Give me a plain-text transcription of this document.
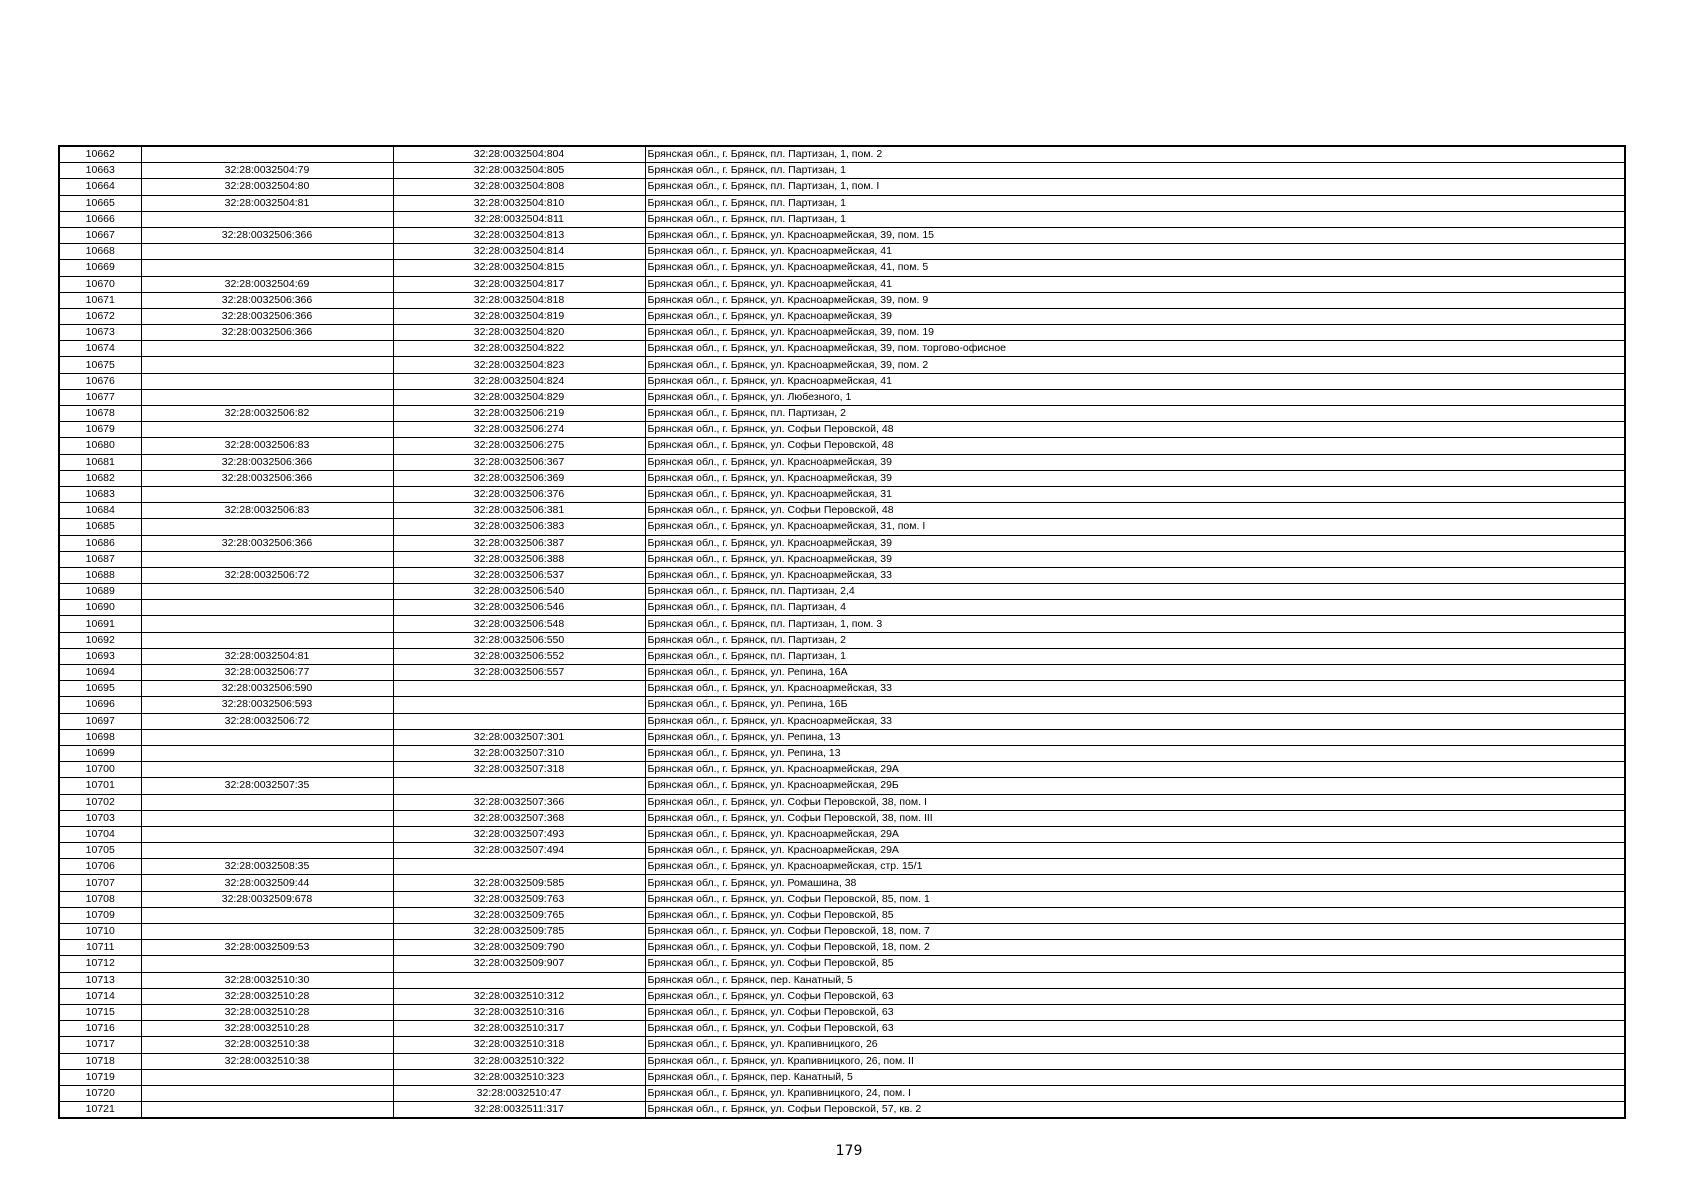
10662		32:28:0032504:804	Брянская обл., г. Брянск, пл. Партизан, 1, пом. 2
10663	32:28:0032504:79	32:28:0032504:805	Брянская обл., г. Брянск, пл. Партизан, 1
10664	32:28:0032504:80	32:28:0032504:808	Брянская обл., г. Брянск, пл. Партизан, 1, пом. I
10665	32:28:0032504:81	32:28:0032504:810	Брянская обл., г. Брянск, пл. Партизан, 1
10666		32:28:0032504:811	Брянская обл., г. Брянск, пл. Партизан, 1
10667	32:28:0032506:366	32:28:0032504:813	Брянская обл., г. Брянск, ул. Красноармейская, 39, пом. 15
10668		32:28:0032504:814	Брянская обл., г. Брянск, ул. Красноармейская, 41
10669		32:28:0032504:815	Брянская обл., г. Брянск, ул. Красноармейская, 41, пом. 5
10670	32:28:0032504:69	32:28:0032504:817	Брянская обл., г. Брянск, ул. Красноармейская, 41
10671	32:28:0032506:366	32:28:0032504:818	Брянская обл., г. Брянск, ул. Красноармейская, 39, пом. 9
10672	32:28:0032506:366	32:28:0032504:819	Брянская обл., г. Брянск, ул. Красноармейская, 39
10673	32:28:0032506:366	32:28:0032504:820	Брянская обл., г. Брянск, ул. Красноармейская, 39, пом. 19
10674		32:28:0032504:822	Брянская обл., г. Брянск, ул. Красноармейская, 39, пом. торгово-офисное
10675		32:28:0032504:823	Брянская обл., г. Брянск, ул. Красноармейская, 39, пом. 2
10676		32:28:0032504:824	Брянская обл., г. Брянск, ул. Красноармейская, 41
10677		32:28:0032504:829	Брянская обл., г. Брянск, ул. Любезного, 1
10678	32:28:0032506:82	32:28:0032506:219	Брянская обл., г. Брянск, пл. Партизан, 2
10679		32:28:0032506:274	Брянская обл., г. Брянск, ул. Софьи Перовской, 48
10680	32:28:0032506:83	32:28:0032506:275	Брянская обл., г. Брянск, ул. Софьи Перовской, 48
10681	32:28:0032506:366	32:28:0032506:367	Брянская обл., г. Брянск, ул. Красноармейская, 39
10682	32:28:0032506:366	32:28:0032506:369	Брянская обл., г. Брянск, ул. Красноармейская, 39
10683		32:28:0032506:376	Брянская обл., г. Брянск, ул. Красноармейская, 31
10684	32:28:0032506:83	32:28:0032506:381	Брянская обл., г. Брянск, ул. Софьи Перовской, 48
10685		32:28:0032506:383	Брянская обл., г. Брянск, ул. Красноармейская, 31, пом. I
10686	32:28:0032506:366	32:28:0032506:387	Брянская обл., г. Брянск, ул. Красноармейская, 39
10687		32:28:0032506:388	Брянская обл., г. Брянск, ул. Красноармейская, 39
10688	32:28:0032506:72	32:28:0032506:537	Брянская обл., г. Брянск, ул. Красноармейская, 33
10689		32:28:0032506:540	Брянская обл., г. Брянск, пл. Партизан, 2,4
10690		32:28:0032506:546	Брянская обл., г. Брянск, пл. Партизан, 4
10691		32:28:0032506:548	Брянская обл., г. Брянск, пл. Партизан, 1, пом. 3
10692		32:28:0032506:550	Брянская обл., г. Брянск, пл. Партизан, 2
10693	32:28:0032504:81	32:28:0032506:552	Брянская обл., г. Брянск, пл. Партизан, 1
10694	32:28:0032506:77	32:28:0032506:557	Брянская обл., г. Брянск, ул. Репина, 16А
10695	32:28:0032506:590		Брянская обл., г. Брянск, ул. Красноармейская, 33
10696	32:28:0032506:593		Брянская обл., г. Брянск, ул. Репина, 16Б
10697	32:28:0032506:72		Брянская обл., г. Брянск, ул. Красноармейская, 33
10698		32:28:0032507:301	Брянская обл., г. Брянск, ул. Репина, 13
10699		32:28:0032507:310	Брянская обл., г. Брянск, ул. Репина, 13
10700		32:28:0032507:318	Брянская обл., г. Брянск, ул. Красноармейская, 29А
10701	32:28:0032507:35		Брянская обл., г. Брянск, ул. Красноармейская, 29Б
10702		32:28:0032507:366	Брянская обл., г. Брянск, ул. Софьи Перовской, 38, пом. I
10703		32:28:0032507:368	Брянская обл., г. Брянск, ул. Софьи Перовской, 38, пом. III
10704		32:28:0032507:493	Брянская обл., г. Брянск, ул. Красноармейская, 29А
10705		32:28:0032507:494	Брянская обл., г. Брянск, ул. Красноармейская, 29А
10706	32:28:0032508:35		Брянская обл., г. Брянск, ул. Красноармейская, стр. 15/1
10707	32:28:0032509:44	32:28:0032509:585	Брянская обл., г. Брянск, ул. Ромашина, 38
10708	32:28:0032509:678	32:28:0032509:763	Брянская обл., г. Брянск, ул. Софьи Перовской, 85, пом. 1
10709		32:28:0032509:765	Брянская обл., г. Брянск, ул. Софьи Перовской, 85
10710		32:28:0032509:785	Брянская обл., г. Брянск, ул. Софьи Перовской, 18, пом. 7
10711	32:28:0032509:53	32:28:0032509:790	Брянская обл., г. Брянск, ул. Софьи Перовской, 18, пом. 2
10712		32:28:0032509:907	Брянская обл., г. Брянск, ул. Софьи Перовской, 85
10713	32:28:0032510:30		Брянская обл., г. Брянск, пер. Канатный, 5
10714	32:28:0032510:28	32:28:0032510:312	Брянская обл., г. Брянск, ул. Софьи Перовской, 63
10715	32:28:0032510:28	32:28:0032510:316	Брянская обл., г. Брянск, ул. Софьи Перовской, 63
10716	32:28:0032510:28	32:28:0032510:317	Брянская обл., г. Брянск, ул. Софьи Перовской, 63
10717	32:28:0032510:38	32:28:0032510:318	Брянская обл., г. Брянск, ул. Крапивницкого, 26
10718	32:28:0032510:38	32:28:0032510:322	Брянская обл., г. Брянск, ул. Крапивницкого, 26, пом. II
10719		32:28:0032510:323	Брянская обл., г. Брянск, пер. Канатный, 5
10720		32:28:0032510:47	Брянская обл., г. Брянск, ул. Крапивницкого, 24, пом. I
10721		32:28:0032511:317	Брянская обл., г. Брянск, ул. Софьи Перовской, 57, кв. 2
179
